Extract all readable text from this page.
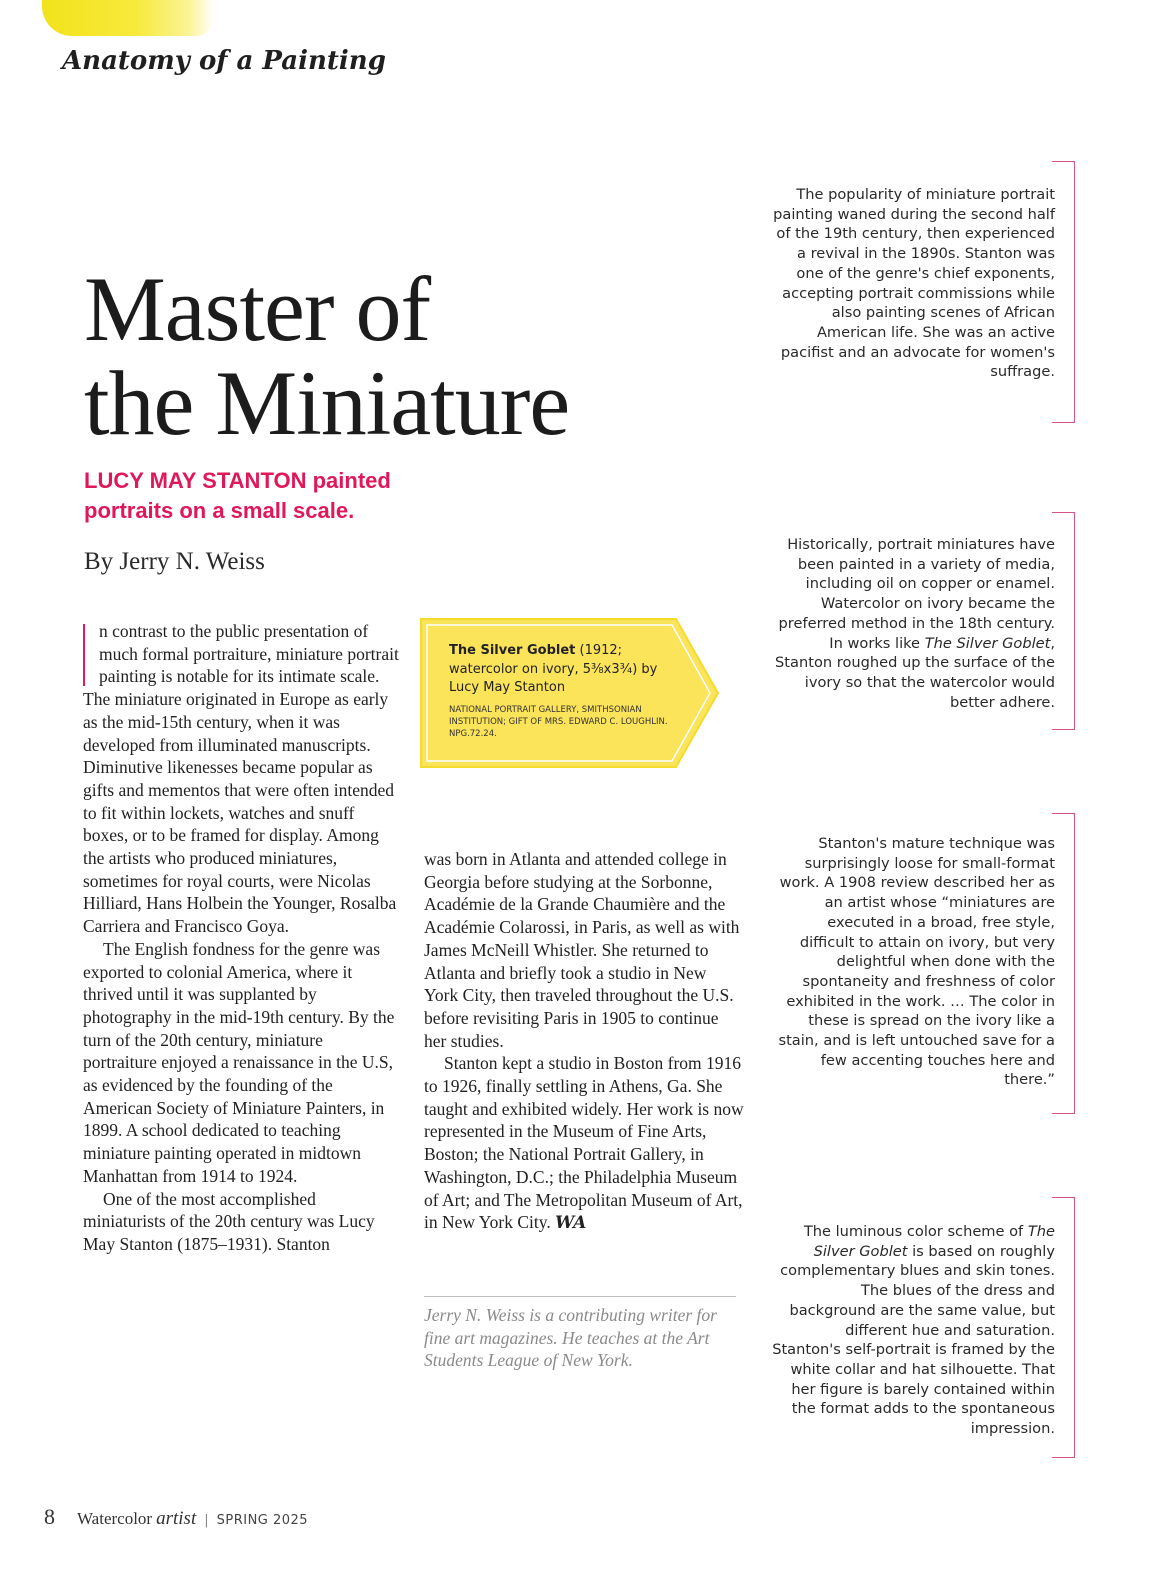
Anatomy of a Painting
Master of
the Miniature

LUCY MAY STANTON painted
portraits on a small scale.

By Jerry N. Weiss

n contrast to the public presentation of much formal portraiture, miniature portrait painting is notable for its intimate scale. The miniature originated in Europe as early as the mid-15th century, when it was developed from illuminated manuscripts. Diminutive likenesses became popular as gifts and mementos that were often intended to fit within lockets, watches and snuff boxes, or to be framed for display. Among the artists who produced miniatures, sometimes for royal courts, were Nicolas Hilliard, Hans Holbein the Younger, Rosalba Carriera and Francisco Goya.

The English fondness for the genre was exported to colonial America, where it thrived until it was supplanted by photography in the mid-19th century. By the turn of the 20th century, miniature portraiture enjoyed a renaissance in the U.S, as evidenced by the founding of the American Society of Miniature Painters, in 1899. A school dedicated to teaching miniature painting operated in midtown Manhattan from 1914 to 1924.

One of the most accomplished miniaturists of the 20th century was Lucy May Stanton (1875–1931). Stanton

The Silver Goblet (1912; watercolor on ivory, 5⅜x3¾) by Lucy May Stanton
NATIONAL PORTRAIT GALLERY, SMITHSONIAN INSTITUTION; GIFT OF MRS. EDWARD C. LOUGHLIN. NPG.72.24.

was born in Atlanta and attended college in Georgia before studying at the Sorbonne, Académie de la Grande Chaumière and the Académie Colarossi, in Paris, as well as with James McNeill Whistler. She returned to Atlanta and briefly took a studio in New York City, then traveled throughout the U.S. before revisiting Paris in 1905 to continue her studies.

Stanton kept a studio in Boston from 1916 to 1926, finally settling in Athens, Ga. She taught and exhibited widely. Her work is now represented in the Museum of Fine Arts, Boston; the National Portrait Gallery, in Washington, D.C.; the Philadelphia Museum of Art; and The Metropolitan Museum of Art, in New York City. WA

Jerry N. Weiss is a contributing writer for fine art magazines. He teaches at the Art Students League of New York.

The popularity of miniature portrait painting waned during the second half of the 19th century, then experienced a revival in the 1890s. Stanton was one of the genre's chief exponents, accepting portrait commissions while also painting scenes of African American life. She was an active pacifist and an advocate for women's suffrage.

Historically, portrait miniatures have been painted in a variety of media, including oil on copper or enamel. Watercolor on ivory became the preferred method in the 18th century. In works like The Silver Goblet, Stanton roughed up the surface of the ivory so that the watercolor would better adhere.

Stanton's mature technique was surprisingly loose for small-format work. A 1908 review described her as an artist whose “miniatures are executed in a broad, free style, difficult to attain on ivory, but very delightful when done with the spontaneity and freshness of color exhibited in the work. … The color in these is spread on the ivory like a stain, and is left untouched save for a few accenting touches here and there.”

The luminous color scheme of The Silver Goblet is based on roughly complementary blues and skin tones. The blues of the dress and background are the same value, but different hue and saturation. Stanton's self-portrait is framed by the white collar and hat silhouette. That her figure is barely contained within the format adds to the spontaneous impression.

8 Watercolor artist | SPRING 2025
